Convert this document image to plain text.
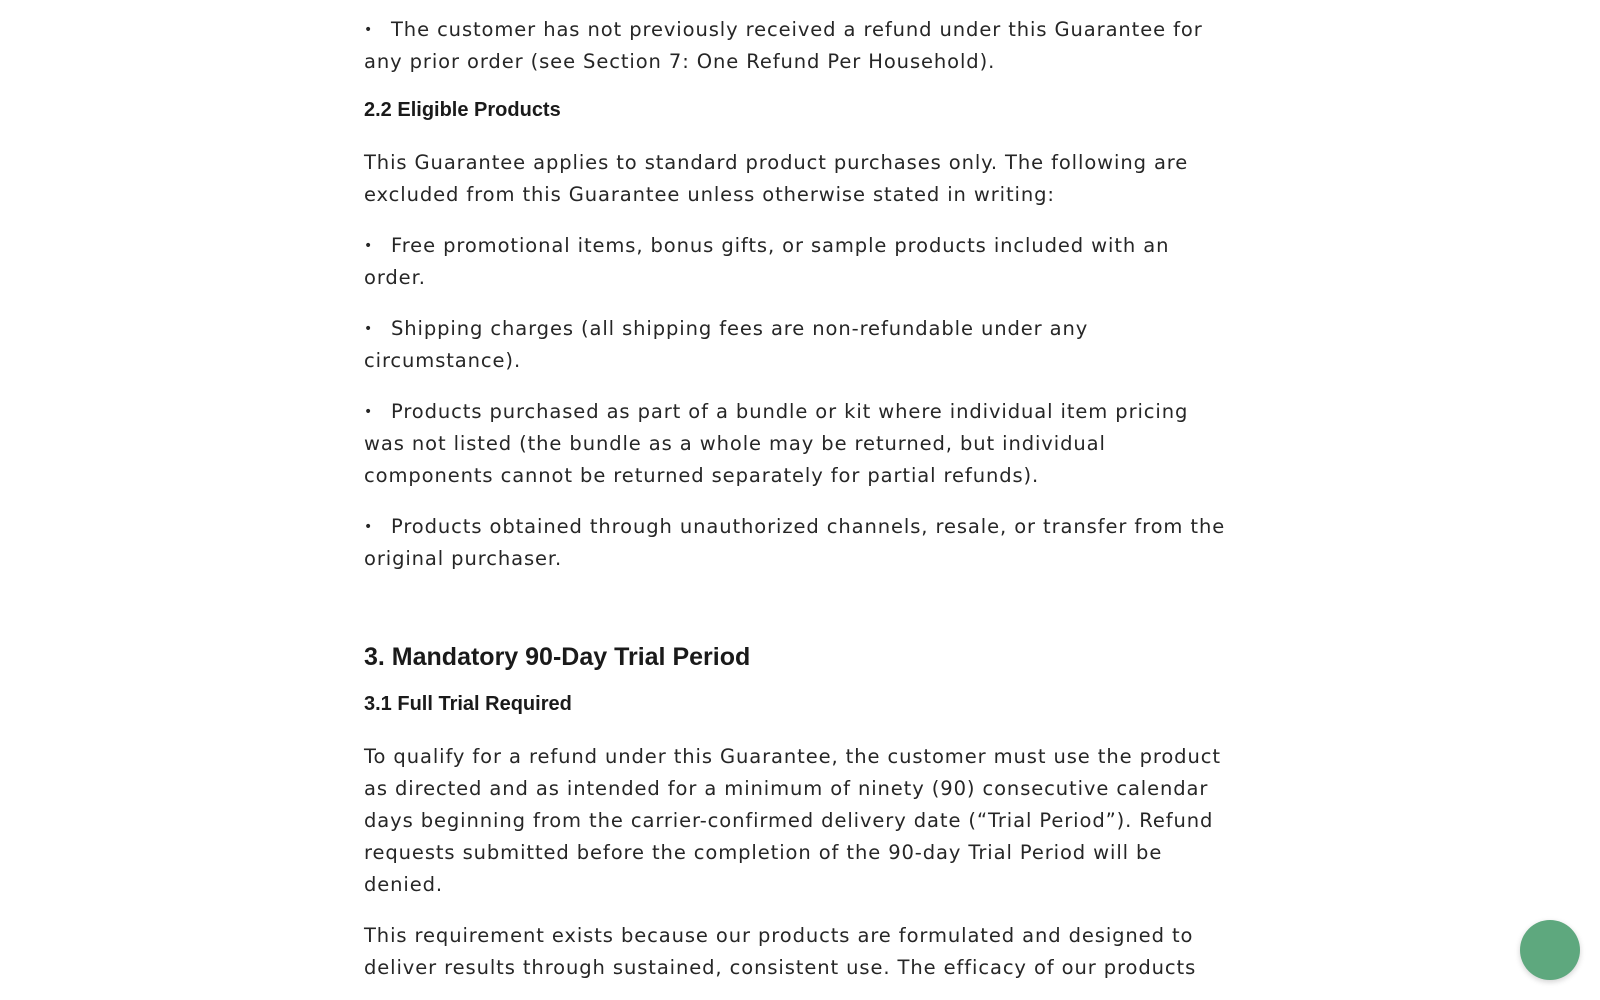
• The customer has not previously received a refund under this Guarantee for any prior order (see Section 7: One Refund Per Household).

2.2 Eligible Products

This Guarantee applies to standard product purchases only. The following are excluded from this Guarantee unless otherwise stated in writing:

• Free promotional items, bonus gifts, or sample products included with an order.

• Shipping charges (all shipping fees are non-refundable under any circumstance).

• Products purchased as part of a bundle or kit where individual item pricing was not listed (the bundle as a whole may be returned, but individual components cannot be returned separately for partial refunds).

• Products obtained through unauthorized channels, resale, or transfer from the original purchaser.

3. Mandatory 90-Day Trial Period
3.1 Full Trial Required

To qualify for a refund under this Guarantee, the customer must use the product as directed and as intended for a minimum of ninety (90) consecutive calendar days beginning from the carrier-confirmed delivery date (“Trial Period”). Refund requests submitted before the completion of the 90-day Trial Period will be denied.

This requirement exists because our products are formulated and designed to deliver results through sustained, consistent use. The efficacy of our products
